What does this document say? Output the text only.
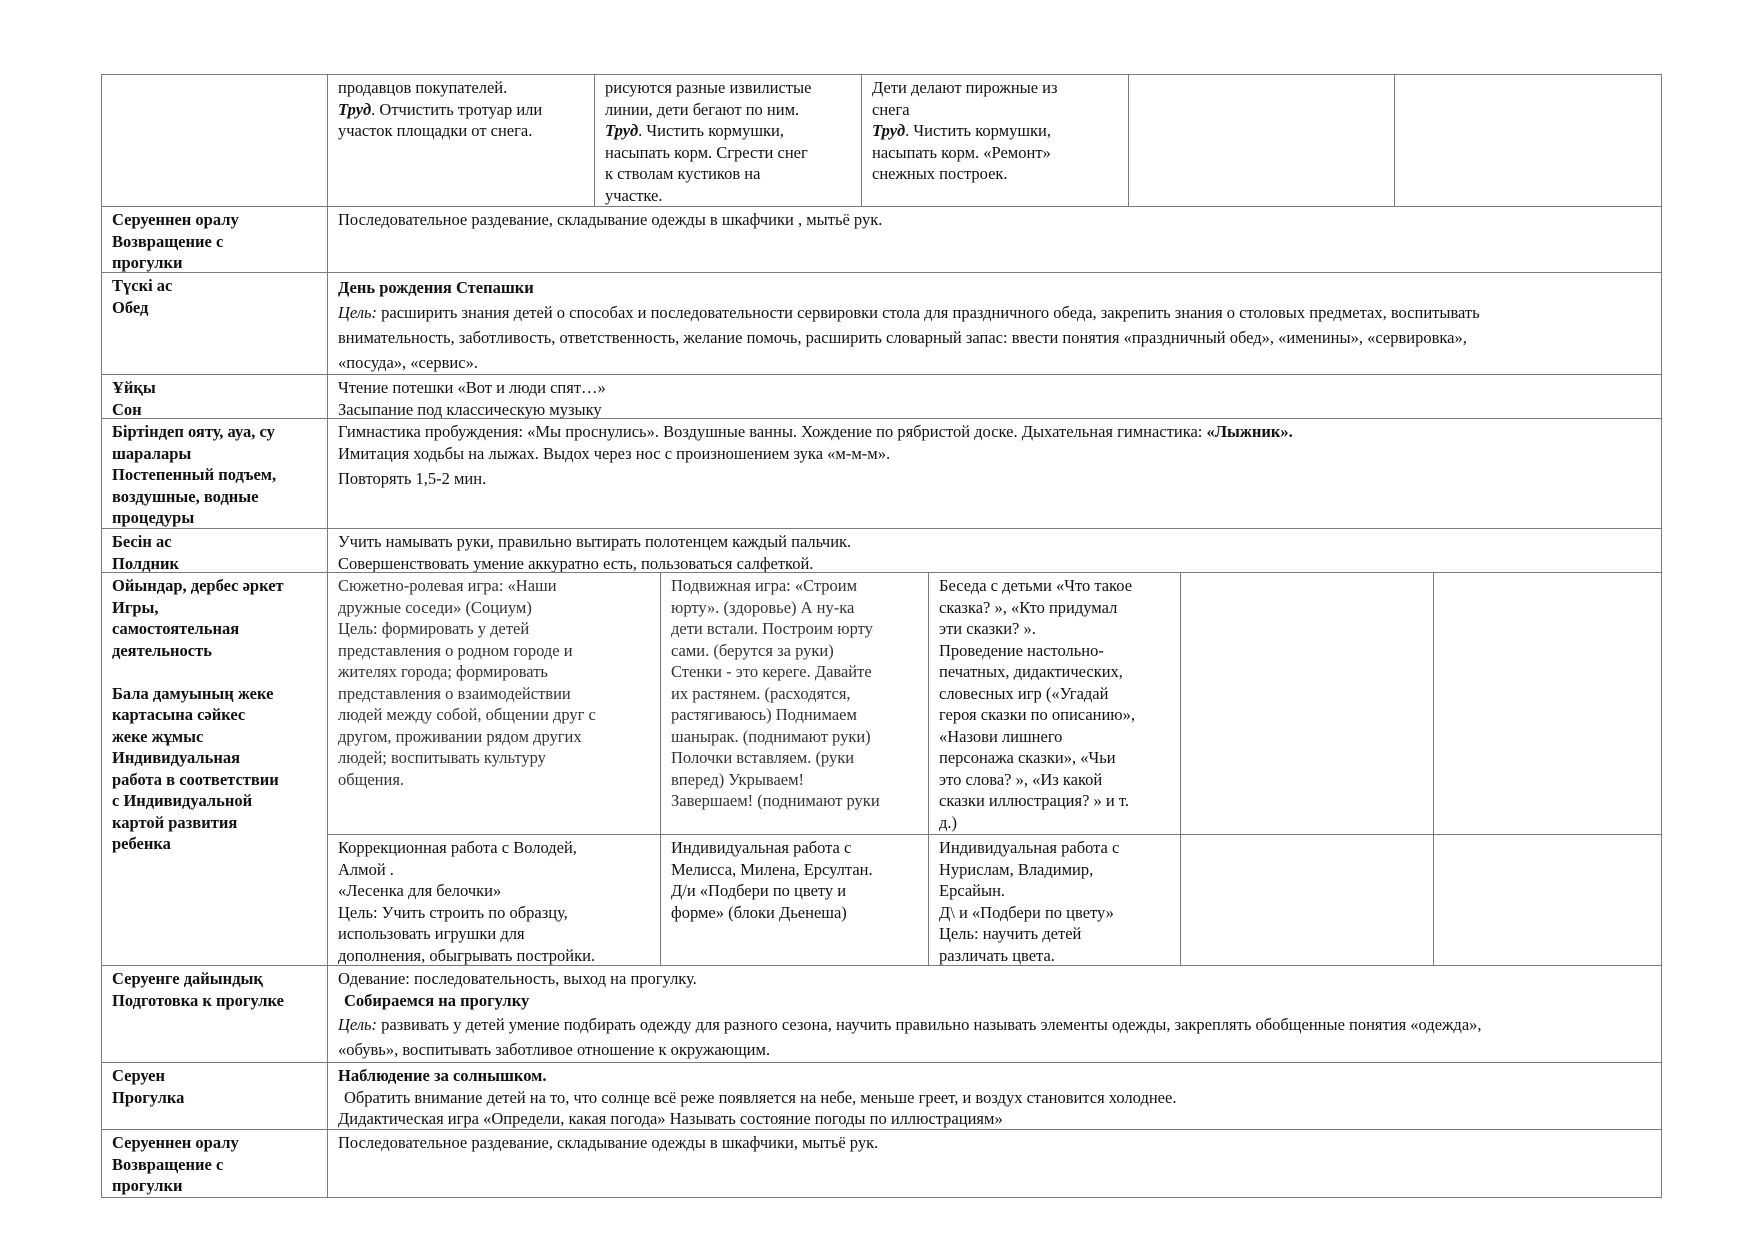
продавцов покупателей.
Труд. Отчистить тротуар или
участок площадки от снега.
рисуются разные извилистые
линии, дети бегают по ним.
Труд. Чистить кормушки,
насыпать корм. Сгрести снег
к стволам кустиков на
участке.
Дети делают пирожные из
снега
Труд. Чистить кормушки,
насыпать корм. «Ремонт»
снежных построек.
Серуеннен оралу
Возвращение с
прогулки
Последовательное раздевание, складывание одежды в шкафчики , мытьё рук.
Түскі ас
Обед
День рождения Степашки
Цель: расширить знания детей о способах и последовательности сервировки стола для праздничного обеда, закрепить знания о столовых предметах, воспитывать
внимательность, заботливость, ответственность, желание помочь, расширить словарный запас: ввести понятия «праздничный обед», «именины», «сервировка»,
«посуда», «сервис».
Ұйқы
Сон
Чтение потешки «Вот и люди спят…»
Засыпание под классическую музыку
Біртіндеп ояту, ауа, су
шаралары
Постепенный подъем,
воздушные, водные
процедуры
Гимнастика пробуждения: «Мы проснулись». Воздушные ванны. Хождение по рябристой доске. Дыхательная гимнастика: «Лыжник».
Имитация ходьбы на лыжах. Выдох через нос с произношением зука «м-м-м».
Повторять 1,5-2 мин.
Бесін ас
Полдник
Учить намывать руки, правильно вытирать полотенцем каждый пальчик.
Совершенствовать умение аккуратно есть, пользоваться салфеткой.
Ойындар, дербес әркет
Игры,
самостоятельная
деятельность
Бала дамуының жеке
картасына сәйкес
жеке жұмыс
Индивидуальная
работа в соответствии
с Индивидуальной
картой развития
ребенка
Сюжетно-ролевая игра: «Наши
дружные соседи» (Социум)
Цель: формировать у детей
представления о родном городе и
жителях города; формировать
представления о взаимодействии
людей между собой, общении друг с
другом, проживании рядом других
людей; воспитывать культуру
общения.
Подвижная игра: «Строим
юрту». (здоровье) А ну-ка
дети встали. Построим юрту
сами. (берутся за руки)
Стенки - это кереге. Давайте
их растянем. (расходятся,
растягиваюсь) Поднимаем
шанырак. (поднимают руки)
Полочки вставляем. (руки
вперед) Укрываем!
Завершаем! (поднимают руки
Беседа с детьми «Что такое
сказка? », «Кто придумал
эти сказки? ».
Проведение настольно-
печатных, дидактических,
словесных игр («Угадай
героя сказки по описанию»,
«Назови лишнего
персонажа сказки», «Чьи
это слова? », «Из какой
сказки иллюстрация? » и т.
д.)
Коррекционная работа с Володей,
Алмой .
«Лесенка для белочки»
Цель: Учить строить по образцу,
использовать игрушки для
дополнения, обыгрывать постройки.
Индивидуальная работа с
Мелисса, Милена, Ерсултан.
Д/и «Подбери по цвету и
форме» (блоки Дьенеша)
Индивидуальная работа с
Нурислам, Владимир,
Ерсайын.
Д\ и «Подбери по цвету»
Цель: научить детей
различать цвета.
Серуенге дайындық
Подготовка к прогулке
Одевание: последовательность, выход на прогулку.
Собираемся на прогулку
Цель: развивать у детей умение подбирать одежду для разного сезона, научить правильно называть элементы одежды, закреплять обобщенные понятия «одежда»,
«обувь», воспитывать заботливое отношение к окружающим.
Серуен
Прогулка
Наблюдение за солнышком.
Обратить внимание детей на то, что солнце всё реже появляется на небе, меньше греет, и воздух становится холоднее.
Дидактическая игра «Определи, какая погода» Называть состояние погоды по иллюстрациям»
Серуеннен оралу
Возвращение с
прогулки
Последовательное раздевание, складывание одежды в шкафчики, мытьё рук.
